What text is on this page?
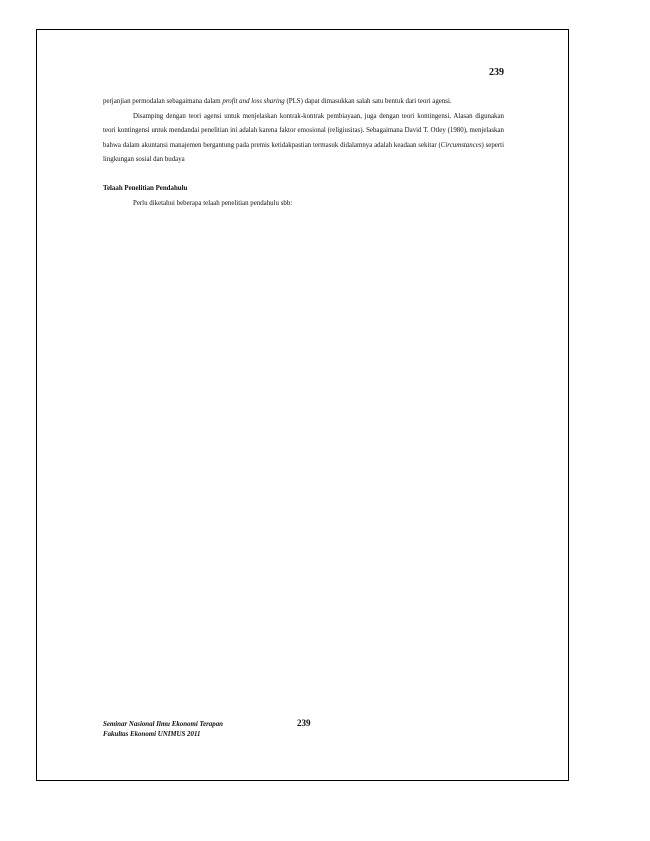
239

perjanjian permodalan sebagaimana dalam profit and loss sharing (PLS) dapat dimasukkan salah satu bentuk dari teori agensi.

Disamping dengan teori agensi untuk menjelaskan kontrak-kontrak pembiayaan, juga dengan teori kontingensi. Alasan digunakan teori kontingensi untuk mendandai penelitian ini adalah karena faktor emosional (religiusitas). Sebagaimana David T. Otley (1980), menjelaskan bahwa dalam akuntansi manajemen bergantung pada premis ketidakpastian termasuk didalamnya adalah keadaan sekitar (Circumstances) seperti lingkungan sosial dan budaya

Telaah Penelitian Pendahulu

Perlu diketahui beberapa telaah penelitian pendahulu sbb:

Seminar Nasional Ilmu Ekonomi Terapan
Fakultas Ekonomi UNIMUS 2011
239
